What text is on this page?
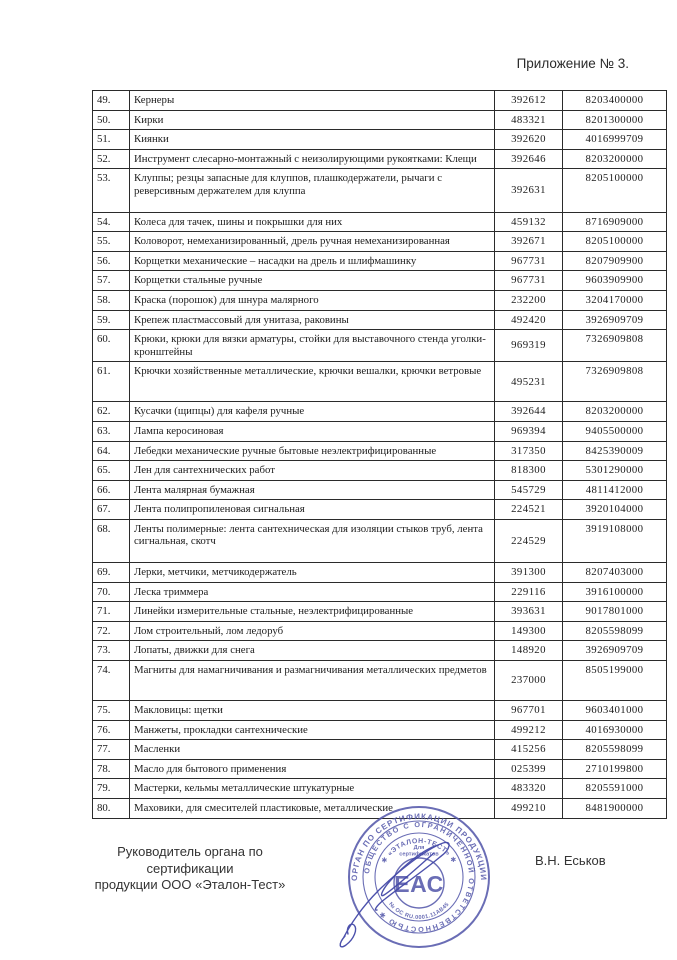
Приложение № 3.
49.	Кернеры	392612	8203400000
50.	Кирки	483321	8201300000
51.	Киянки	392620	4016999709
52.	Инструмент слесарно-монтажный с неизолирующими рукоятками: Клещи	392646	8203200000
53.	Клуппы; резцы запасные для клуппов, плашкодержатели, рычаги с реверсивным держателем для клуппа	392631	8205100000
54.	Колеса для тачек, шины и покрышки для них	459132	8716909000
55.	Коловорот, немеханизированный, дрель ручная немеханизированная	392671	8205100000
56.	Корщетки механические – насадки на дрель и шлифмашинку	967731	8207909900
57.	Корщетки стальные ручные	967731	9603909900
58.	Краска (порошок) для шнура малярного	232200	3204170000
59.	Крепеж пластмассовый для унитаза, раковины	492420	3926909709
60.	Крюки, крюки для вязки арматуры, стойки для выставочного стенда уголки-кронштейны	969319	7326909808
61.	Крючки хозяйственные металлические, крючки вешалки, крючки ветровые	495231	7326909808
62.	Кусачки (щипцы) для кафеля ручные	392644	8203200000
63.	Лампа керосиновая	969394	9405500000
64.	Лебедки механические ручные бытовые неэлектрифицированные	317350	8425390009
65.	Лен для сантехнических работ	818300	5301290000
66.	Лента малярная бумажная	545729	4811412000
67.	Лента полипропиленовая сигнальная	224521	3920104000
68.	Ленты полимерные: лента сантехническая для изоляции стыков труб, лента сигнальная, скотч	224529	3919108000
69.	Лерки, метчики, метчикодержатель	391300	8207403000
70.	Леска триммера	229116	3916100000
71.	Линейки измерительные стальные, неэлектрифицированные	393631	9017801000
72.	Лом строительный, лом ледоруб	149300	8205598099
73.	Лопаты, движки для снега	148920	3926909709
74.	Магниты для намагничивания и размагничивания металлических предметов	237000	8505199000
75.	Макловицы: щетки	967701	9603401000
76.	Манжеты, прокладки сантехнические	499212	4016930000
77.	Масленки	415256	8205598099
78.	Масло для бытового применения	025399	2710199800
79.	Мастерки, кельмы металлические штукатурные	483320	8205591000
80.	Маховики, для смесителей пластиковые, металлические	499210	8481900000
Руководитель органа по сертификации
продукции ООО «Эталон-Тест»
В.Н. Еськов
ОРГАН ПО СЕРТИФИКАЦИИ ПРОДУКЦИИ
ОБЩЕСТВО С ОГРАНИЧЕННОЙ ОТВЕТСТВЕННОСТЬЮ ✱
✱ «ЭТАЛОН-ТЕСТ» ✱
№ ОС RU.0001.11АВ45
Для
сертификатов
ЕАС
